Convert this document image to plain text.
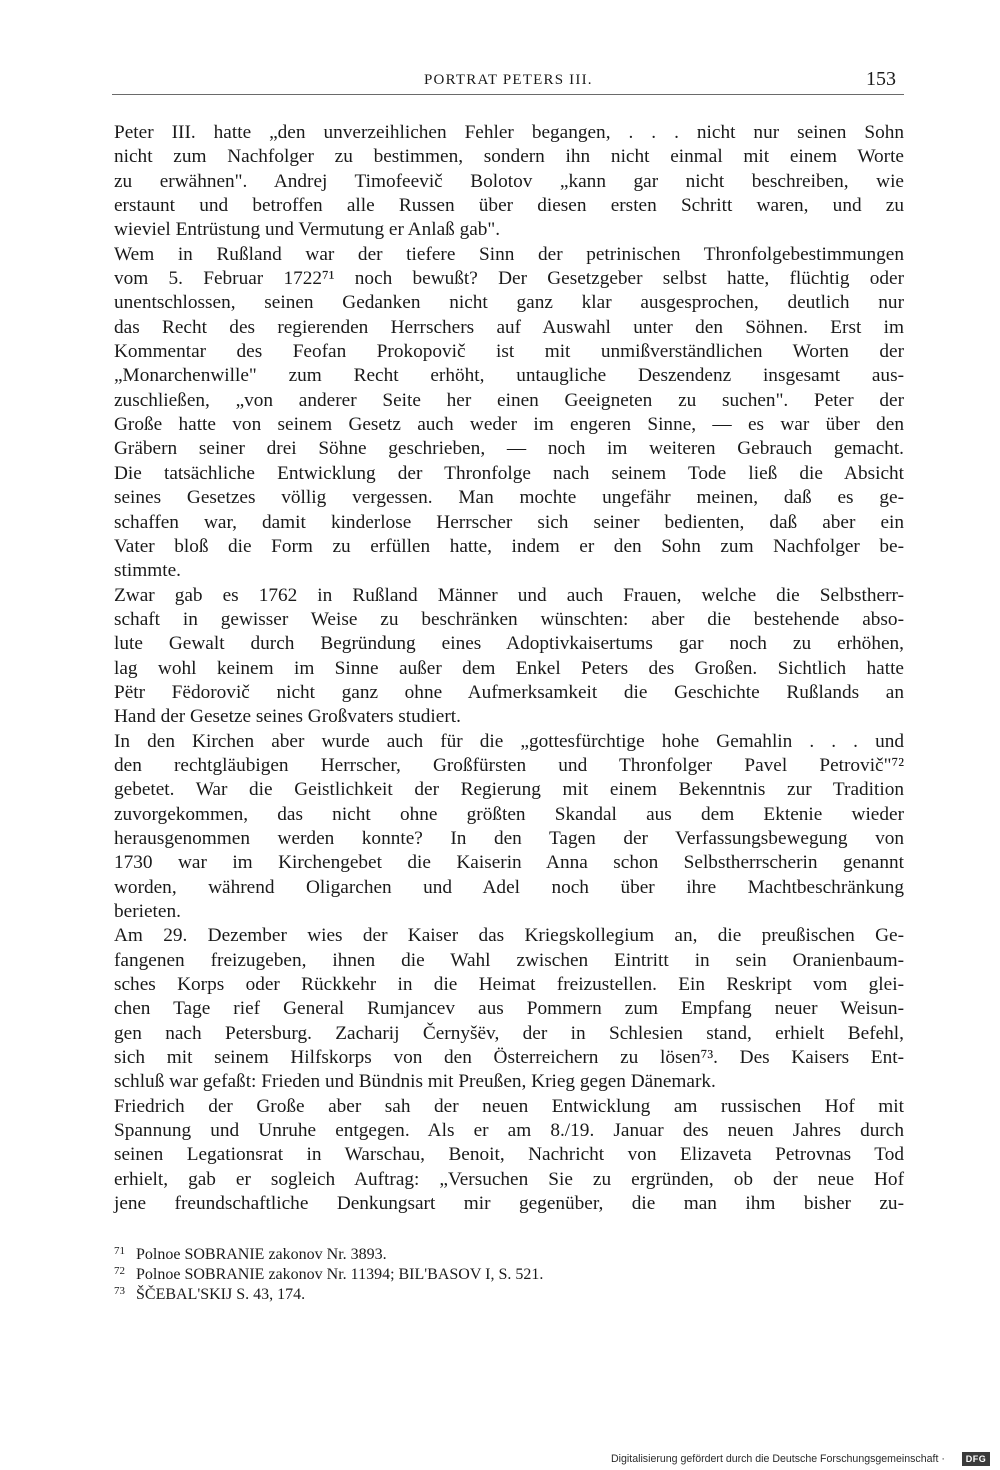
PORTRAT PETERS III.	153
Peter III. hatte „den unverzeihlichen Fehler begangen, . . . nicht nur seinen Sohn
nicht zum Nachfolger zu bestimmen, sondern ihn nicht einmal mit einem Worte
zu erwähnen". Andrej Timofeevič Bolotov „kann gar nicht beschreiben, wie
erstaunt und betroffen alle Russen über diesen ersten Schritt waren, und zu
wieviel Entrüstung und Vermutung er Anlaß gab".
Wem in Rußland war der tiefere Sinn der petrinischen Thronfolgebestimmungen
vom 5. Februar 1722⁷¹ noch bewußt? Der Gesetzgeber selbst hatte, flüchtig oder
unentschlossen, seinen Gedanken nicht ganz klar ausgesprochen, deutlich nur
das Recht des regierenden Herrschers auf Auswahl unter den Söhnen. Erst im
Kommentar des Feofan Prokopovič ist mit unmißverständlichen Worten der
„Monarchenwille" zum Recht erhöht, untaugliche Deszendenz insgesamt aus-
zuschließen, „von anderer Seite her einen Geeigneten zu suchen". Peter der
Große hatte von seinem Gesetz auch weder im engeren Sinne, — es war über den
Gräbern seiner drei Söhne geschrieben, — noch im weiteren Gebrauch gemacht.
Die tatsächliche Entwicklung der Thronfolge nach seinem Tode ließ die Absicht
seines Gesetzes völlig vergessen. Man mochte ungefähr meinen, daß es ge-
schaffen war, damit kinderlose Herrscher sich seiner bedienten, daß aber ein
Vater bloß die Form zu erfüllen hatte, indem er den Sohn zum Nachfolger be-
stimmte.
Zwar gab es 1762 in Rußland Männer und auch Frauen, welche die Selbstherr-
schaft in gewisser Weise zu beschränken wünschten: aber die bestehende abso-
lute Gewalt durch Begründung eines Adoptivkaisertums gar noch zu erhöhen,
lag wohl keinem im Sinne außer dem Enkel Peters des Großen. Sichtlich hatte
Pëtr Fëdorovič nicht ganz ohne Aufmerksamkeit die Geschichte Rußlands an
Hand der Gesetze seines Großvaters studiert.
In den Kirchen aber wurde auch für die „gottesfürchtige hohe Gemahlin . . . und
den rechtgläubigen Herrscher, Großfürsten und Thronfolger Pavel Petrovič"⁷²
gebetet. War die Geistlichkeit der Regierung mit einem Bekenntnis zur Tradition
zuvorgekommen, das nicht ohne größten Skandal aus dem Ektenie wieder
herausgenommen werden konnte? In den Tagen der Verfassungsbewegung von
1730 war im Kirchengebet die Kaiserin Anna schon Selbstherrscherin genannt
worden, während Oligarchen und Adel noch über ihre Machtbeschränkung
berieten.
Am 29. Dezember wies der Kaiser das Kriegskollegium an, die preußischen Ge-
fangenen freizugeben, ihnen die Wahl zwischen Eintritt in sein Oranienbaum-
sches Korps oder Rückkehr in die Heimat freizustellen. Ein Reskript vom glei-
chen Tage rief General Rumjancev aus Pommern zum Empfang neuer Weisun-
gen nach Petersburg. Zacharij Černyšëv, der in Schlesien stand, erhielt Befehl,
sich mit seinem Hilfskorps von den Österreichern zu lösen⁷³. Des Kaisers Ent-
schluß war gefaßt: Frieden und Bündnis mit Preußen, Krieg gegen Dänemark.
Friedrich der Große aber sah der neuen Entwicklung am russischen Hof mit
Spannung und Unruhe entgegen. Als er am 8./19. Januar des neuen Jahres durch
seinen Legationsrat in Warschau, Benoit, Nachricht von Elizaveta Petrovnas Tod
erhielt, gab er sogleich Auftrag: „Versuchen Sie zu ergründen, ob der neue Hof
jene freundschaftliche Denkungsart mir gegenüber, die man ihm bisher zu-
71 Polnoe SOBRANIE zakonov Nr. 3893.
72 Polnoe SOBRANIE zakonov Nr. 11394; BIL'BASOV I, S. 521.
73 ŠČEBAL'SKIJ S. 43, 174.
Digitalisierung gefördert durch die Deutsche Forschungsgemeinschaft ·	DFG
